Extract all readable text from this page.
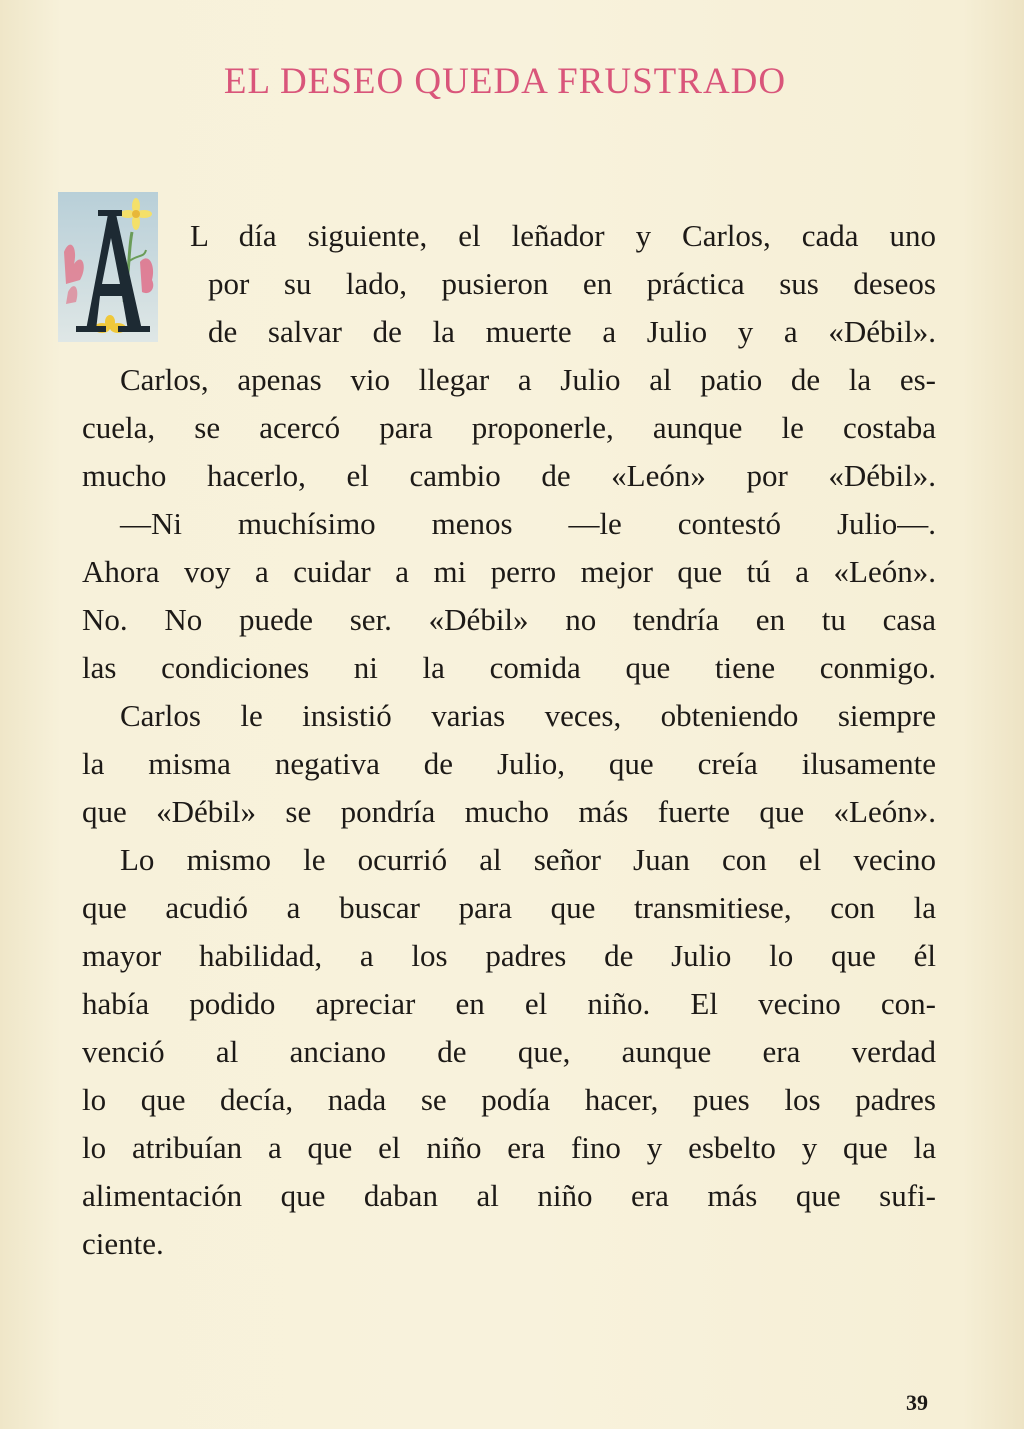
EL DESEO QUEDA FRUSTRADO
L día siguiente, el leñador y Carlos, cada uno
por su lado, pusieron en práctica sus deseos
de salvar de la muerte a Julio y a «Débil».
Carlos, apenas vio llegar a Julio al patio de la es-
cuela, se acercó para proponerle, aunque le costaba
mucho hacerlo, el cambio de «León» por «Débil».
—Ni muchísimo menos —le contestó Julio—.
Ahora voy a cuidar a mi perro mejor que tú a «León».
No. No puede ser. «Débil» no tendría en tu casa
las condiciones ni la comida que tiene conmigo.
Carlos le insistió varias veces, obteniendo siempre
la misma negativa de Julio, que creía ilusamente
que «Débil» se pondría mucho más fuerte que «León».
Lo mismo le ocurrió al señor Juan con el vecino
que acudió a buscar para que transmitiese, con la
mayor habilidad, a los padres de Julio lo que él
había podido apreciar en el niño. El vecino con-
venció al anciano de que, aunque era verdad
lo que decía, nada se podía hacer, pues los padres
lo atribuían a que el niño era fino y esbelto y que la
alimentación que daban al niño era más que sufi-
ciente.
39
